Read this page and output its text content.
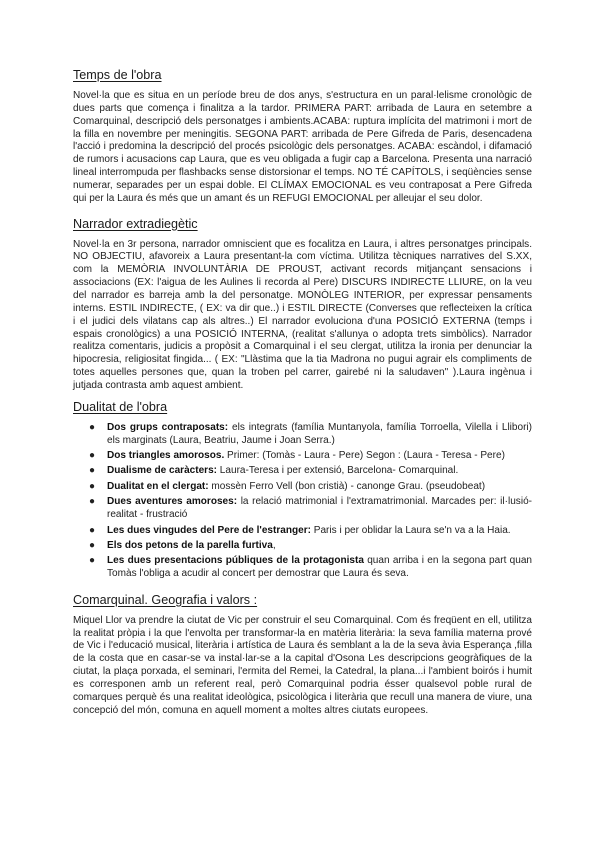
Temps de l'obra

Novel·la que es situa en un període breu de dos anys, s'estructura en un paral·lelisme cronològic de dues parts que comença i finalitza a la tardor. PRIMERA PART: arribada de Laura en setembre a Comarquinal, descripció dels personatges i ambients.ACABA: ruptura implícita del matrimoni i mort de la filla en novembre per meningitis. SEGONA PART: arribada de Pere Gifreda de Paris, desencadena l'acció i predomina la descripció del procés psicològic dels personatges. ACABA: escàndol, i difamació de rumors i acusacions cap Laura, que es veu obligada a fugir cap a Barcelona. Presenta una narració lineal interrompuda per flashbacks sense distorsionar el temps. NO TÉ CAPÍTOLS, i seqüències sense numerar, separades per un espai doble. El CLÍMAX EMOCIONAL es veu contraposat a Pere Gifreda qui per la Laura és més que un amant és un REFUGI EMOCIONAL per alleujar el seu dolor.

Narrador extradiegètic

Novel·la en 3r persona, narrador omniscient que es focalitza en Laura, i altres personatges principals. NO OBJECTIU, afavoreix a Laura presentant-la com víctima. Utilitza tècniques narratives del S.XX, com la MEMÒRIA INVOLUNTÀRIA DE PROUST, activant records mitjançant sensacions i associacions (EX: l'aigua de les Aulines li recorda al Pere) DISCURS INDIRECTE LLIURE, on la veu del narrador es barreja amb la del personatge. MONÒLEG INTERIOR, per expressar pensaments interns. ESTIL INDIRECTE, ( EX: va dir que..) i ESTIL DIRECTE (Converses que reflecteixen la crítica i el judici dels vilatans cap als altres..) El narrador evoluciona d'una POSICIÓ EXTERNA (temps i espais cronològics) a una POSICIÓ INTERNA, (realitat s'allunya o adopta trets simbòlics). Narrador realitza comentaris, judicis a propòsit a Comarquinal i el seu clergat, utilitza la ironia per denunciar la hipocresia, religiositat fingida... ( EX: "Llàstima que la tia Madrona no pugui agrair els compliments de totes aquelles persones que, quan la troben pel carrer, gairebé ni la saludaven" ).Laura ingènua i jutjada contrasta amb aquest ambient.

Dualitat de l'obra
● Dos grups contraposats: els integrats (família Muntanyola, família Torroella, Vilella i Llibori) els marginats (Laura, Beatriu, Jaume i Joan Serra.)
● Dos triangles amorosos. Primer: (Tomàs - Laura - Pere) Segon : (Laura - Teresa - Pere)
● Dualisme de caràcters: Laura-Teresa i per extensió, Barcelona- Comarquinal.
● Dualitat en el clergat: mossèn Ferro Vell (bon cristià) - canonge Grau. (pseudobeat)
● Dues aventures amoroses: la relació matrimonial i l'extramatrimonial. Marcades per: il·lusió- realitat - frustració
● Les dues vingudes del Pere de l'estranger: Paris i per oblidar la Laura se'n va a la Haia.
● Els dos petons de la parella furtiva,
● Les dues presentacions públiques de la protagonista quan arriba i en la segona part quan Tomàs l'obliga a acudir al concert per demostrar que Laura és seva.
Comarquinal. Geografia i valors :

Miquel Llor va prendre la ciutat de Vic per construir el seu Comarquinal. Com és freqüent en ell, utilitza la realitat pròpia i la que l'envolta per transformar-la en matèria literària: la seva família materna prové de Vic i l'educació musical, literària i artística de Laura és semblant a la de la seva àvia Esperança ,filla de la costa que en casar-se va instal·lar-se a la capital d'Osona Les descripcions geogràfiques de la ciutat, la plaça porxada, el seminari, l'ermita del Remei, la Catedral, la plana...i l'ambient boirós i humit es corresponen amb un referent real, però Comarquinal podria ésser qualsevol poble rural de comarques perquè és una realitat ideològica, psicològica i literària que recull una manera de viure, una concepció del món, comuna en aquell moment a moltes altres ciutats europees.
